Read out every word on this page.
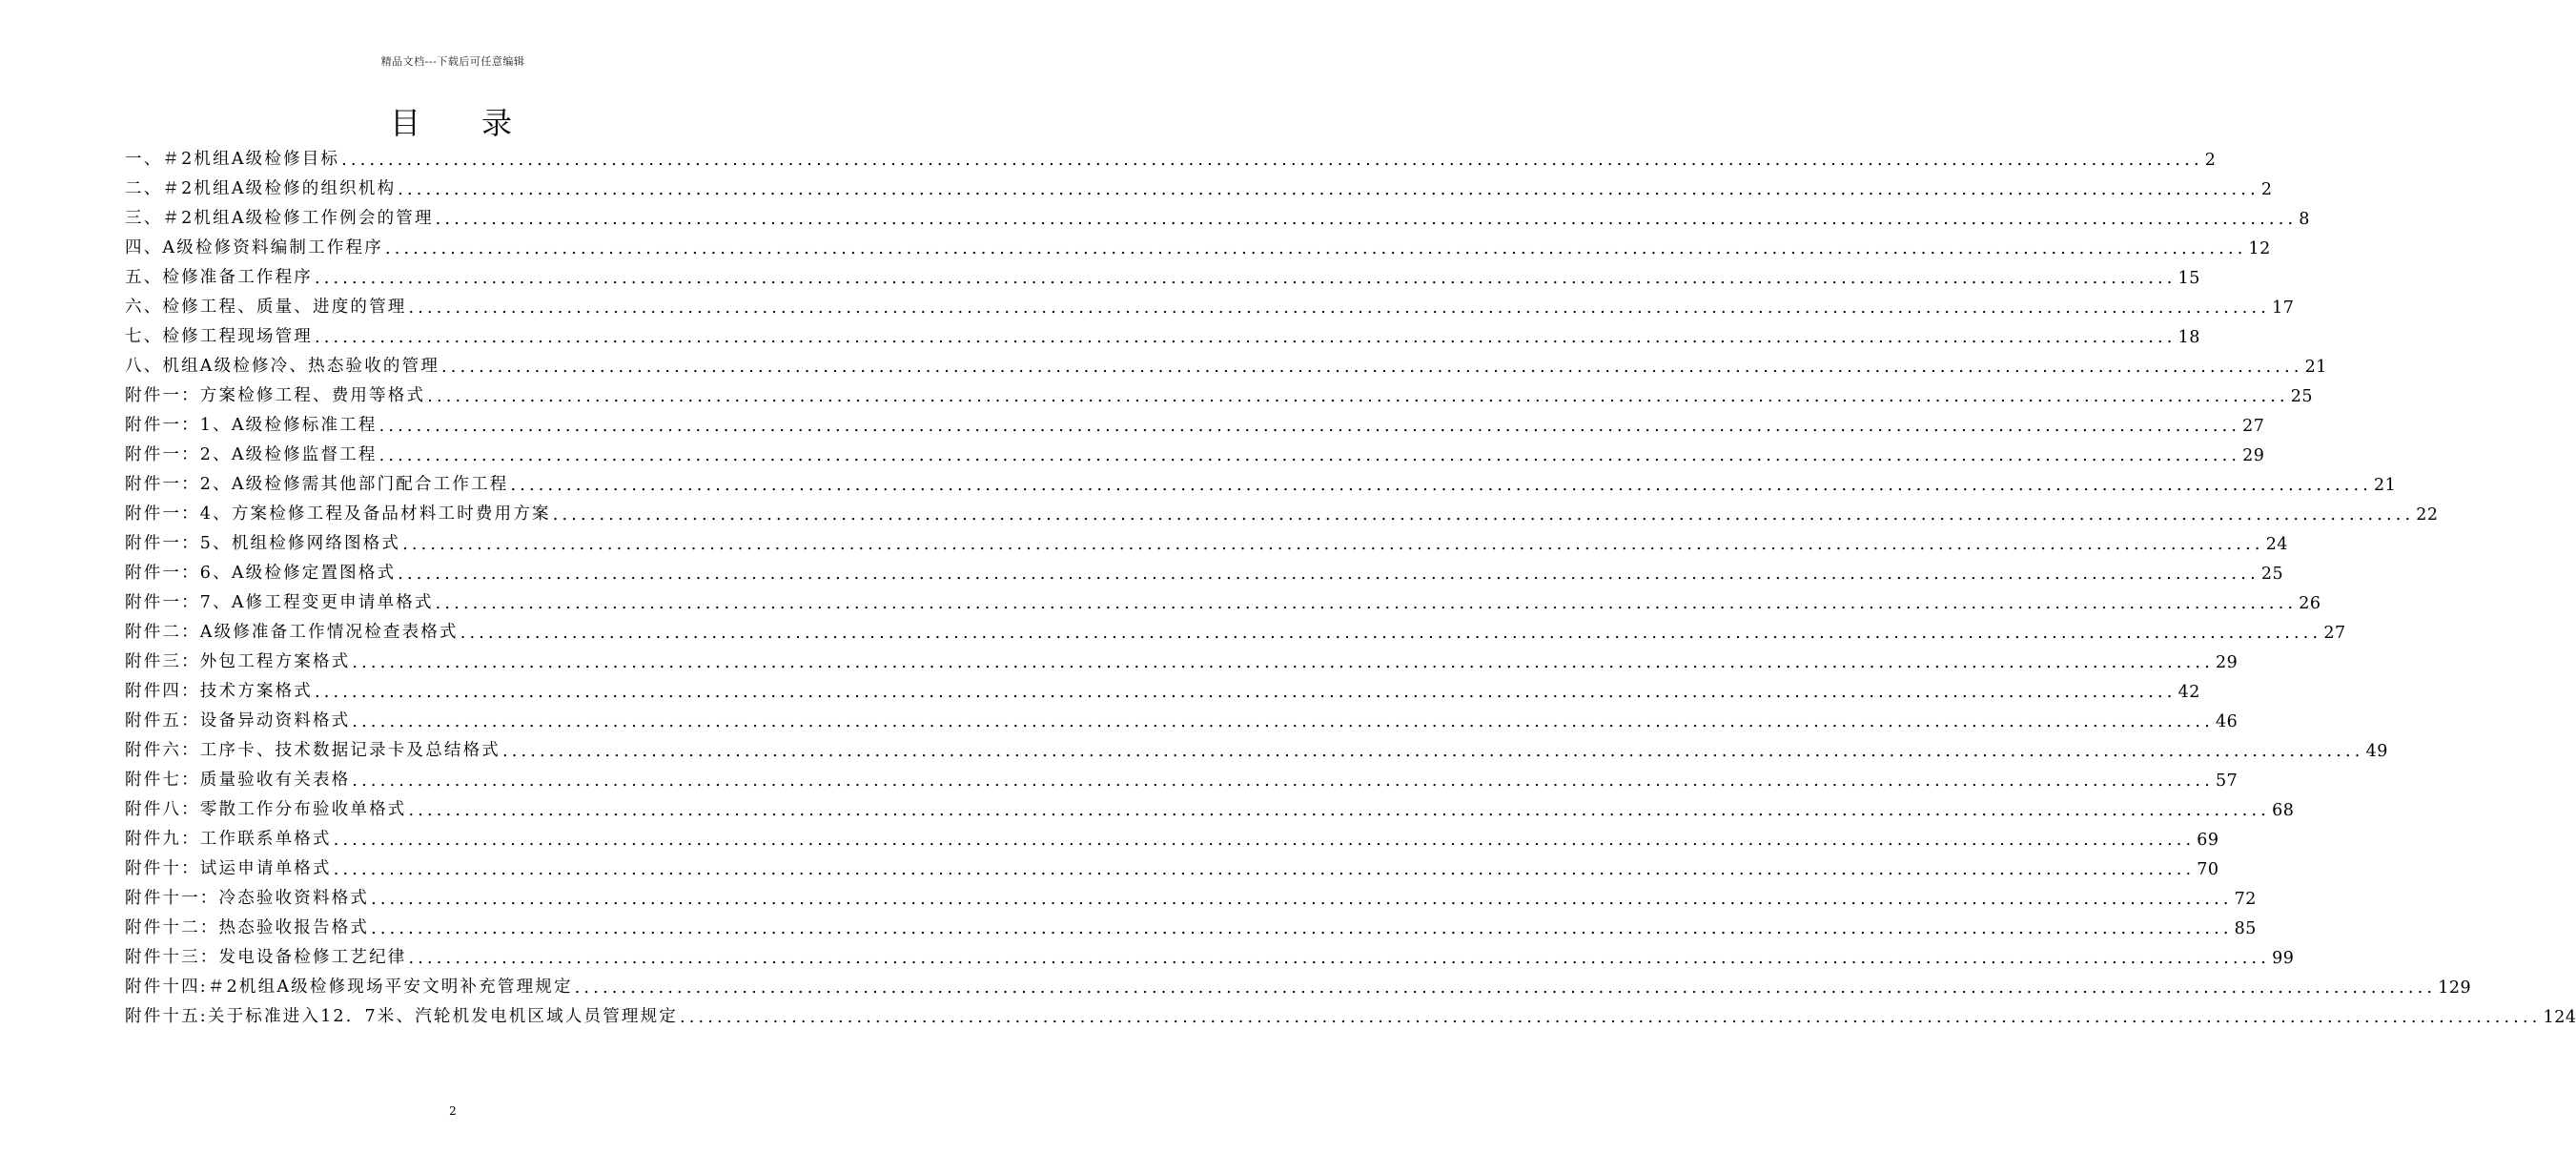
精品文档---下载后可任意编辑
目 录
一、＃2机组A级检修目标 ........................................................................................................................................................................................................ 2
二、＃2机组A级检修的组织机构 ........................................................................................................................................................................................................ 2
三、＃2机组A级检修工作例会的管理 ........................................................................................................................................................................................................ 8
四、A级检修资料编制工作程序 ........................................................................................................................................................................................................ 12
五、检修准备工作程序 ........................................................................................................................................................................................................ 15
六、检修工程、质量、进度的管理 ........................................................................................................................................................................................................ 17
七、检修工程现场管理 ........................................................................................................................................................................................................ 18
八、机组A级检修冷、热态验收的管理 ........................................................................................................................................................................................................ 21
附件一：方案检修工程、费用等格式 ........................................................................................................................................................................................................ 25
附件一：1、A级检修标准工程 ........................................................................................................................................................................................................ 27
附件一：2、A级检修监督工程 ........................................................................................................................................................................................................ 29
附件一：2、A级检修需其他部门配合工作工程 ........................................................................................................................................................................................................ 21
附件一：4、方案检修工程及备品材料工时费用方案 ........................................................................................................................................................................................................ 22
附件一：5、机组检修网络图格式 ........................................................................................................................................................................................................ 24
附件一：6、A级检修定置图格式 ........................................................................................................................................................................................................ 25
附件一：7、A修工程变更申请单格式 ........................................................................................................................................................................................................ 26
附件二：A级修准备工作情况检查表格式 ........................................................................................................................................................................................................ 27
附件三：外包工程方案格式 ........................................................................................................................................................................................................ 29
附件四：技术方案格式 ........................................................................................................................................................................................................ 42
附件五：设备异动资料格式 ........................................................................................................................................................................................................ 46
附件六：工序卡、技术数据记录卡及总结格式 ........................................................................................................................................................................................................ 49
附件七：质量验收有关表格 ........................................................................................................................................................................................................ 57
附件八：零散工作分布验收单格式 ........................................................................................................................................................................................................ 68
附件九：工作联系单格式 ........................................................................................................................................................................................................ 69
附件十：试运申请单格式 ........................................................................................................................................................................................................ 70
附件十一：冷态验收资料格式 ........................................................................................................................................................................................................ 72
附件十二：热态验收报告格式 ........................................................................................................................................................................................................ 85
附件十三：发电设备检修工艺纪律 ........................................................................................................................................................................................................ 99
附件十四:＃2机组A级检修现场平安文明补充管理规定 ........................................................................................................................................................................................................ 129
附件十五:关于标准进入12．7米、汽轮机发电机区域人员管理规定 ........................................................................................................................................................................................................ 124
2
